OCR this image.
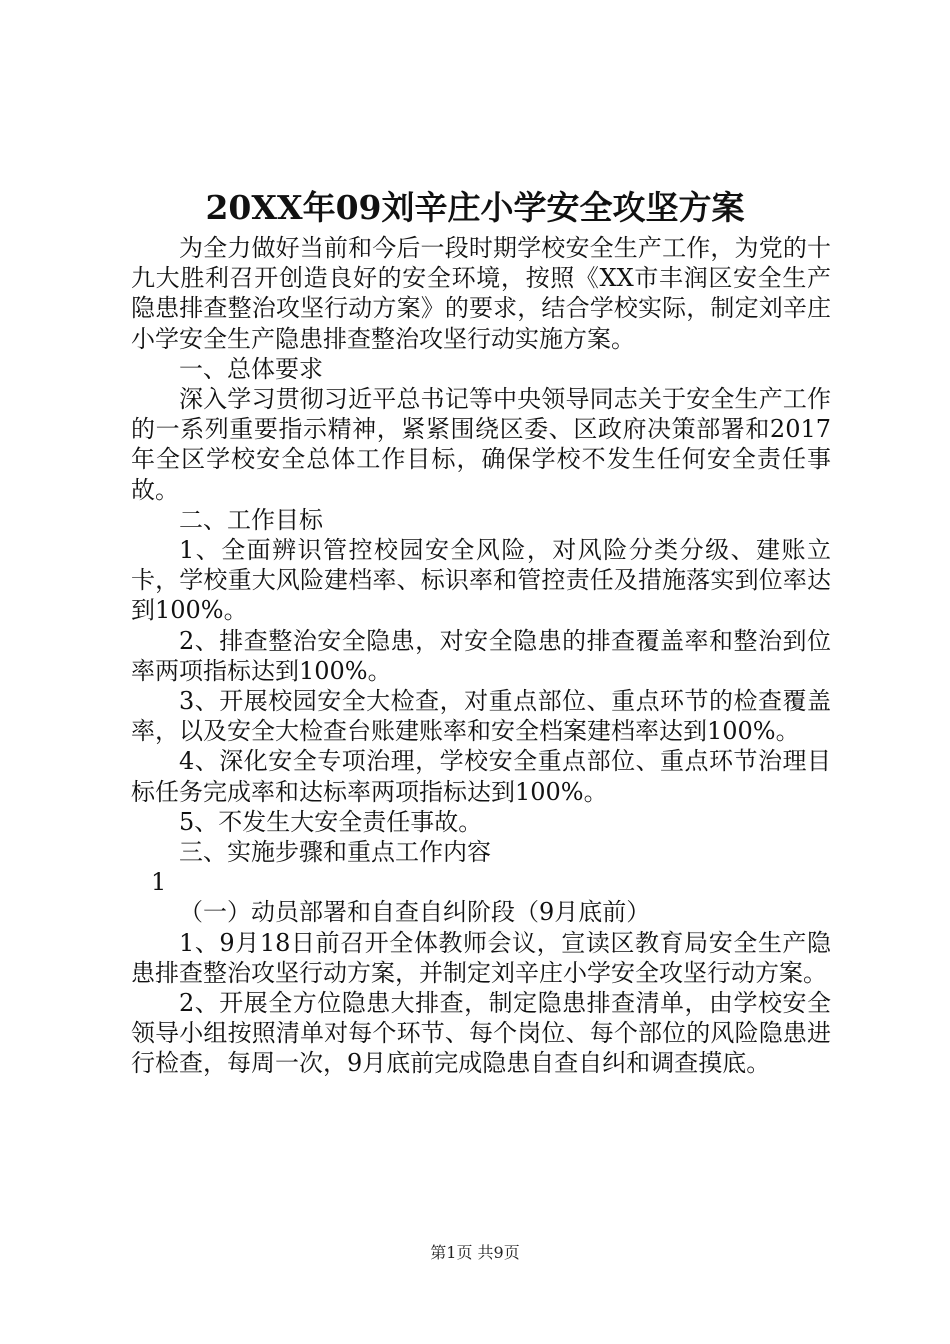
20XX年09刘辛庄小学安全攻坚方案

为全力做好当前和今后一段时期学校安全生产工作，为党的十九大胜利召开创造良好的安全环境，按照《XX市丰润区安全生产隐患排查整治攻坚行动方案》的要求，结合学校实际，制定刘辛庄小学安全生产隐患排查整治攻坚行动实施方案。

一、总体要求

深入学习贯彻习近平总书记等中央领导同志关于安全生产工作的一系列重要指示精神，紧紧围绕区委、区政府决策部署和2017年全区学校安全总体工作目标，确保学校不发生任何安全责任事故。

二、工作目标

1、全面辨识管控校园安全风险，对风险分类分级、建账立卡，学校重大风险建档率、标识率和管控责任及措施落实到位率达到100%。

2、排查整治安全隐患，对安全隐患的排查覆盖率和整治到位率两项指标达到100%。

3、开展校园安全大检查，对重点部位、重点环节的检查覆盖率，以及安全大检查台账建账率和安全档案建档率达到100%。

4、深化安全专项治理，学校安全重点部位、重点环节治理目标任务完成率和达标率两项指标达到100%。

5、不发生大安全责任事故。

三、实施步骤和重点工作内容

1

（一）动员部署和自查自纠阶段（9月底前）

1、9月18日前召开全体教师会议，宣读区教育局安全生产隐患排查整治攻坚行动方案，并制定刘辛庄小学安全攻坚行动方案。

2、开展全方位隐患大排查，制定隐患排查清单，由学校安全领导小组按照清单对每个环节、每个岗位、每个部位的风险隐患进行检查，每周一次，9月底前完成隐患自查自纠和调查摸底。

第1页 共9页
